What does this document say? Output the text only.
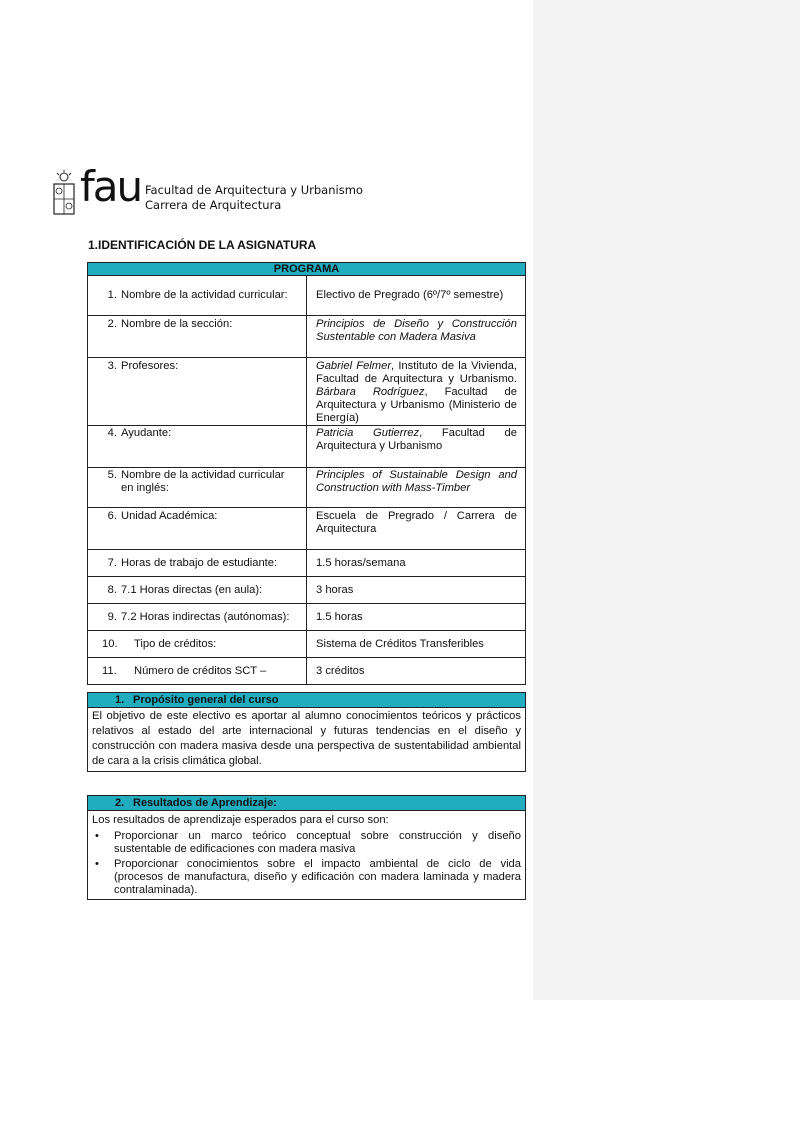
fau Facultad de Arquitectura y Urbanismo
Carrera de Arquitectura
1.IDENTIFICACIÓN DE LA ASIGNATURA
PROGRAMA	

1. Nombre de la actividad curricular:	Electivo de Pregrado (6º/7º semestre)

2. Nombre de la sección:	Principios de Diseño y Construcción Sustentable con Madera Masiva

3. Profesores:	Gabriel Felmer, Instituto de la Vivienda, Facultad de Arquitectura y Urbanismo. Bárbara Rodríguez, Facultad de Arquitectura y Urbanismo (Ministerio de Energía)

4. Ayudante:	Patricia Gutierrez, Facultad de Arquitectura y Urbanismo

5. Nombre de la actividad curricular
en inglés:	Principles of Sustainable Design and Construction with Mass-Timber

6. Unidad Académica:	Escuela de Pregrado / Carrera de Arquitectura

7. Horas de trabajo de estudiante:	1.5 horas/semana

8. 7.1 Horas directas (en aula):	3 horas

9. 7.2 Horas indirectas (autónomas):	1.5 horas

10. Tipo de créditos:	Sistema de Créditos Transferibles

11. Número de créditos SCT –	3 créditos
1. Propósito general del curso
El objetivo de este electivo es aportar al alumno conocimientos teóricos y prácticos relativos al estado del arte internacional y futuras tendencias en el diseño y construcción con madera masiva desde una perspectiva de sustentabilidad ambiental de cara a la crisis climática global.
2. Resultados de Aprendizaje:
Los resultados de aprendizaje esperados para el curso son:
• Proporcionar un marco teórico conceptual sobre construcción y diseño sustentable de edificaciones con madera masiva
• Proporcionar conocimientos sobre el impacto ambiental de ciclo de vida (procesos de manufactura, diseño y edificación con madera laminada y madera contralaminada).
